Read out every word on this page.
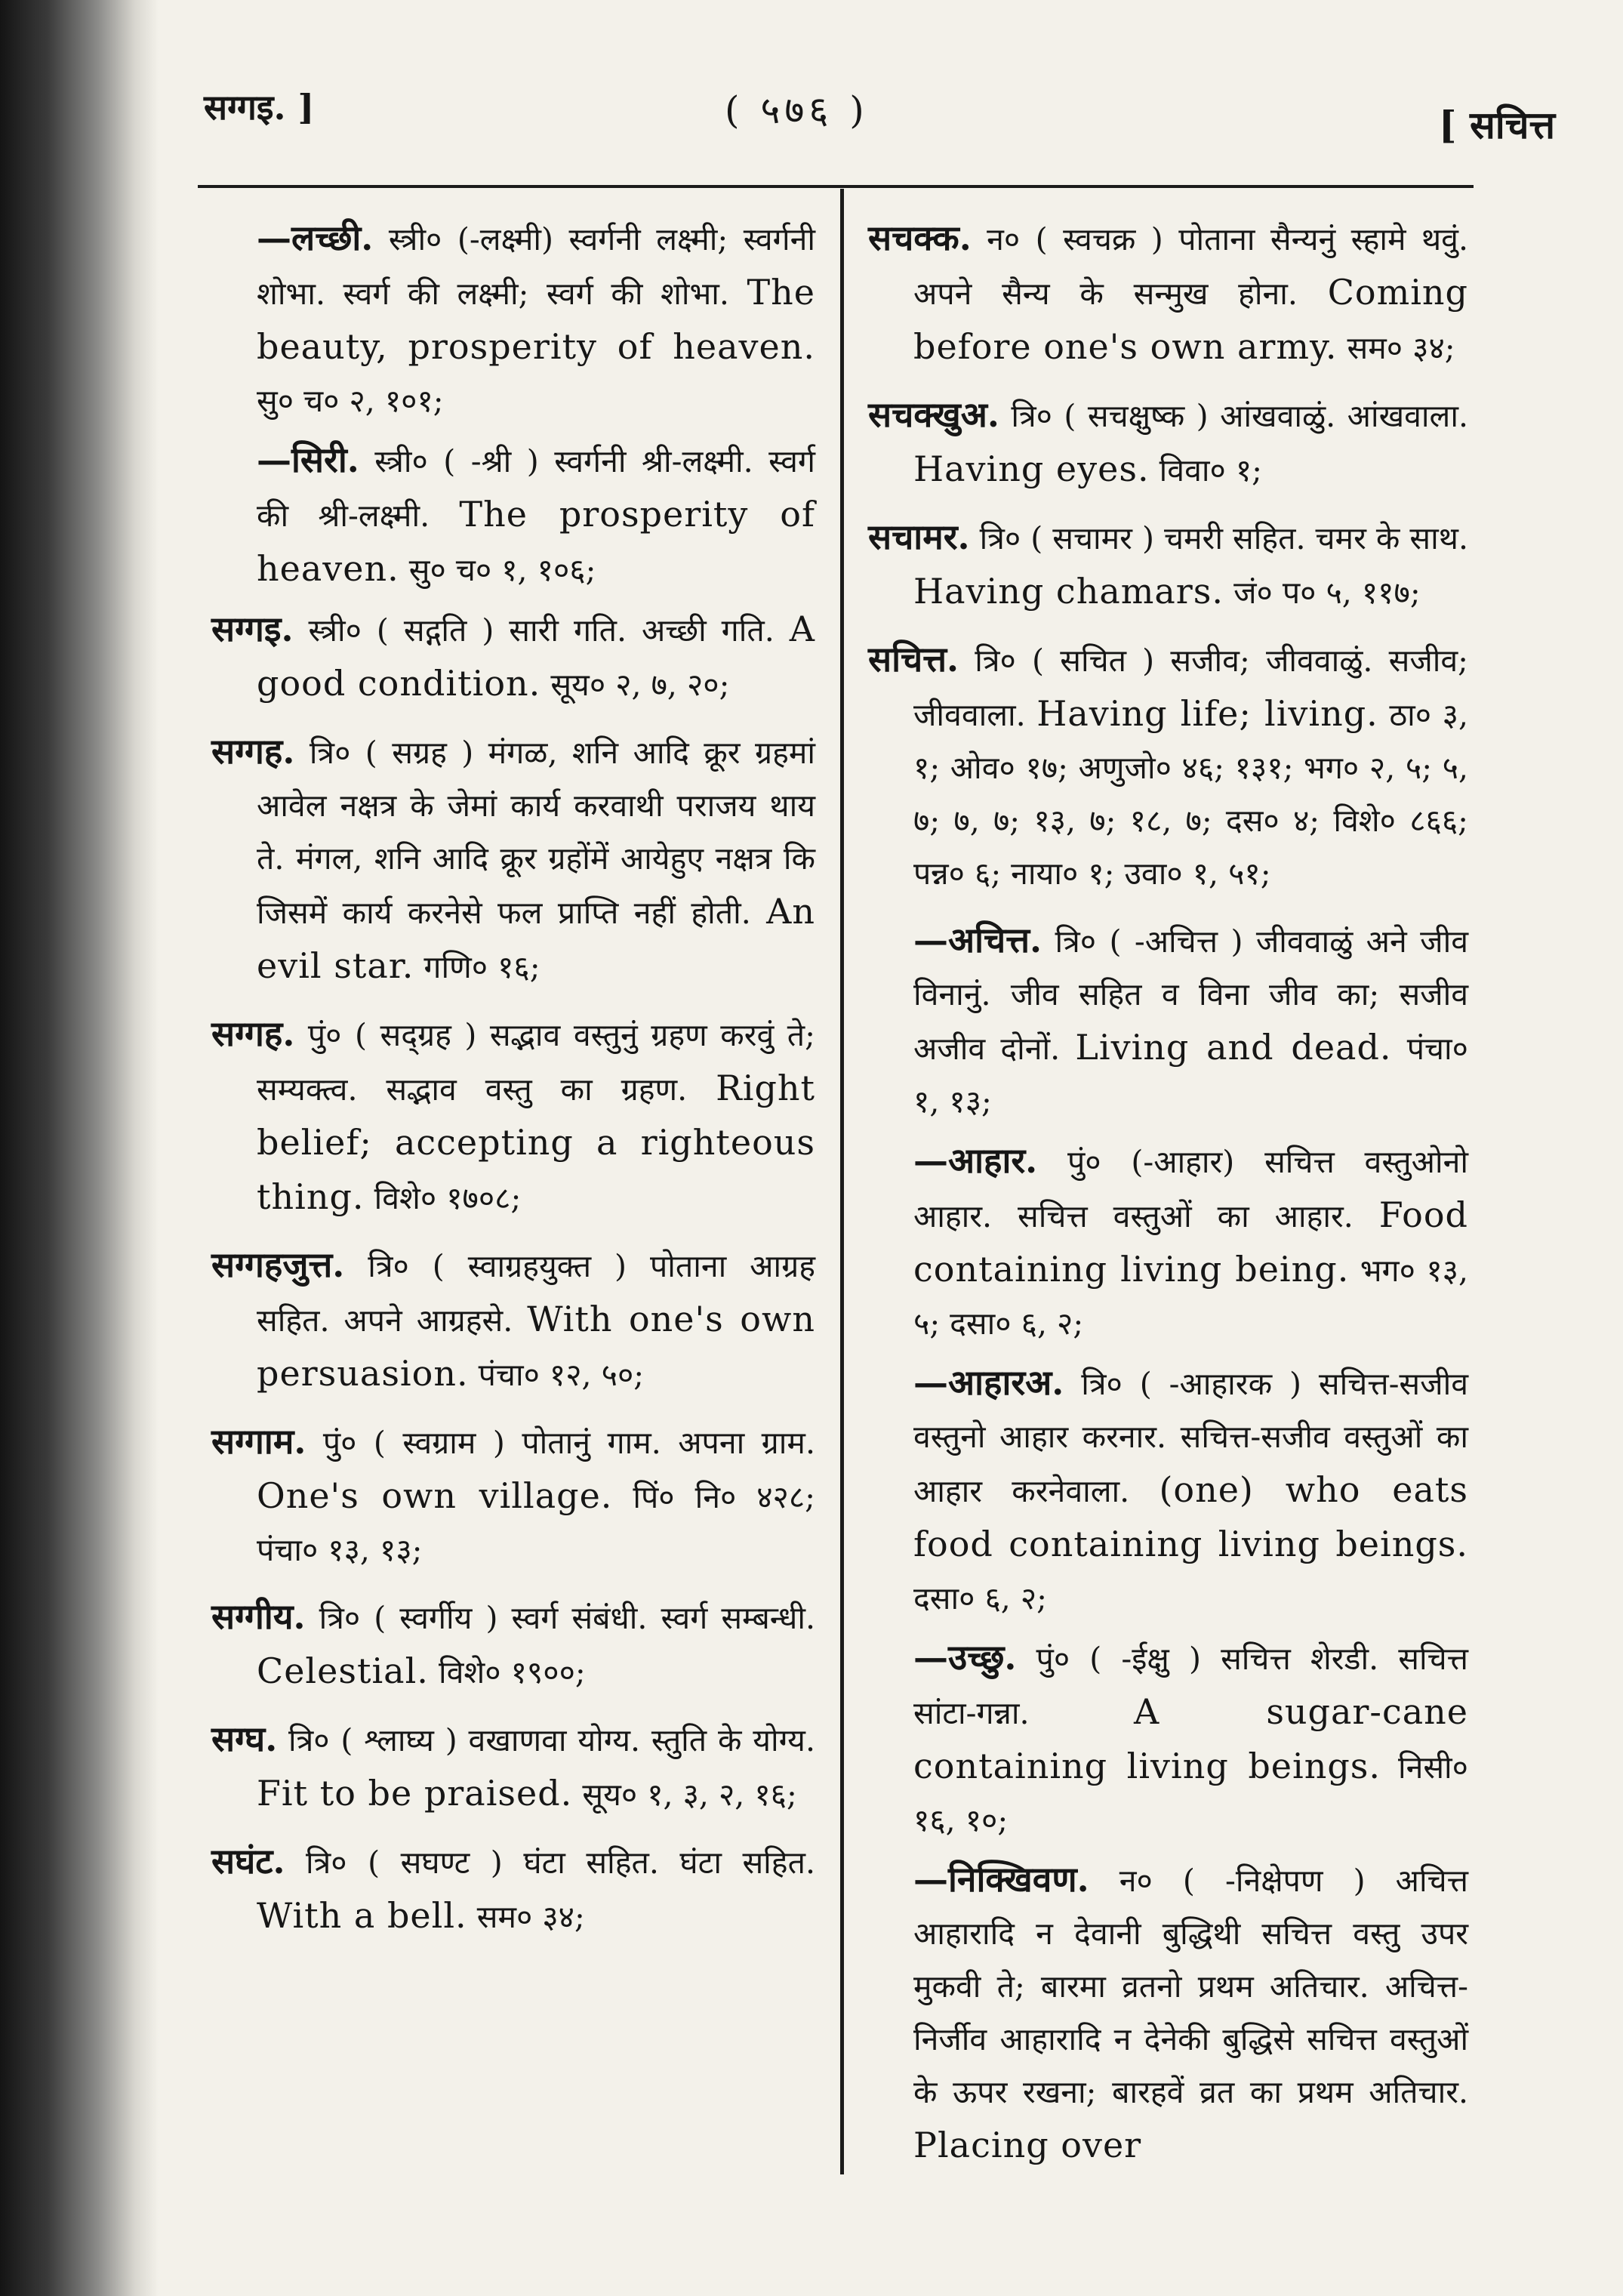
सग्गइ. ]	( ५७६ )	[ सचित्त

—लच्छी. स्त्री० (-लक्ष्मी) स्वर्गनी लक्ष्मी; स्वर्गनी शोभा. स्वर्ग की लक्ष्मी; स्वर्ग की शोभा. The beauty, prosperity of heaven. सु० च० २, १०१;

—सिरी. स्त्री० ( -श्री ) स्वर्गनी श्री-लक्ष्मी. स्वर्ग की श्री-लक्ष्मी. The prosperity of heaven. सु० च० १, १०६;

सग्गइ. स्त्री० ( सद्गति ) सारी गति. अच्छी गति. A good condition. सूय० २, ७, २०;

सग्गह. त्रि० ( सग्रह ) मंगळ, शनि आदि क्रूर ग्रहमां आवेल नक्षत्र के जेमां कार्य करवाथी पराजय थाय ते. मंगल, शनि आदि क्रूर ग्रहोंमें आयेहुए नक्षत्र कि जिसमें कार्य करनेसे फल प्राप्ति नहीं होती. An evil star. गणि० १६;

सग्गह. पुं० ( सद्ग्रह ) सद्भाव वस्तुनुं ग्रहण करवुं ते; सम्यक्त्व. सद्भाव वस्तु का ग्रहण. Right belief; accepting a righteous thing. विशे० १७०८;

सग्गहजुत्त. त्रि० ( स्वाग्रहयुक्त ) पोताना आग्रह सहित. अपने आग्रहसे. With one's own persuasion. पंचा० १२, ५०;

सग्गाम. पुं० ( स्वग्राम ) पोतानुं गाम. अपना ग्राम. One's own village. पिं० नि० ४२८; पंचा० १३, १३;

सग्गीय. त्रि० ( स्वर्गीय ) स्वर्ग संबंधी. स्वर्ग सम्बन्धी. Celestial. विशे० १९००;

सग्घ. त्रि० ( श्लाघ्य ) वखाणवा योग्य. स्तुति के योग्य. Fit to be praised. सूय० १, ३, २, १६;

सघंट. त्रि० ( सघण्ट ) घंटा सहित. घंटा सहित. With a bell. सम० ३४;

सचक्क. न० ( स्वचक्र ) पोताना सैन्यनुं स्हामे थवुं. अपने सैन्य के सन्मुख होना. Coming before one's own army. सम० ३४;

सचक्खुअ. त्रि० ( सचक्षुष्क ) आंखवाळुं. आंखवाला. Having eyes. विवा० १;

सचामर. त्रि० ( सचामर ) चमरी सहित. चमर के साथ. Having chamars. जं० प० ५, ११७;

सचित्त. त्रि० ( सचित ) सजीव; जीववाळुं. सजीव; जीववाला. Having life; living. ठा० ३, १; ओव० १७; अणुजो० ४६; १३१; भग० २, ५; ५, ७; ७, ७; १३, ७; १८, ७; दस० ४; विशे० ८६६; पन्न० ६; नाया० १; उवा० १, ५१;

—अचित्त. त्रि० ( -अचित्त ) जीववाळुं अने जीव विनानुं. जीव सहित व विना जीव का; सजीव अजीव दोनों. Living and dead. पंचा० १, १३;

—आहार. पुं० (-आहार) सचित्त वस्तुओनो आहार. सचित्त वस्तुओं का आहार. Food containing living being. भग० १३, ५; दसा० ६, २;

—आहारअ. त्रि० ( -आहारक ) सचित्त-सजीव वस्तुनो आहार करनार. सचित्त-सजीव वस्तुओं का आहार करनेवाला. (one) who eats food containing living beings. दसा० ६, २;

—उच्छु. पुं० ( -ईक्षु ) सचित्त शेरडी. सचित्त सांटा-गन्ना.	A sugar-cane containing living beings. निसी० १६, १०;

—निक्खिवण. न० ( -निक्षेपण ) अचित्त आहारादि न देवानी बुद्धिथी सचित्त वस्तु उपर मुकवी ते; बारमा व्रतनो प्रथम अतिचार. अचित्त-निर्जीव आहारादि न देनेकी बुद्धिसे सचित्त वस्तुओं के ऊपर रखना; बारहवें व्रत का प्रथम अतिचार. Placing over
